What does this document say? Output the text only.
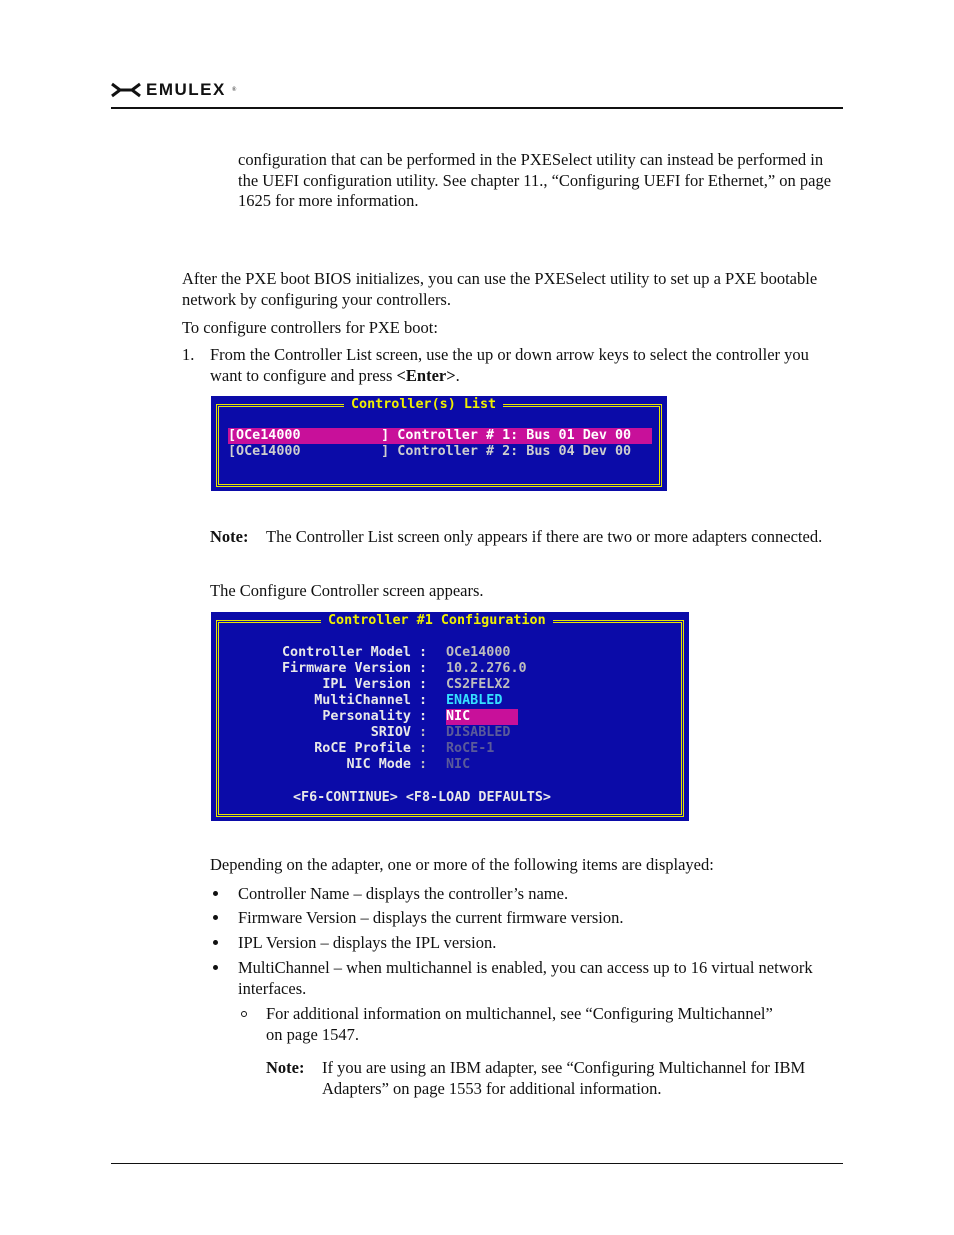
EMULEX ®

configuration that can be performed in the PXESelect utility can instead be performed in the UEFI configuration utility. See chapter 11., “Configuring UEFI for Ethernet,” on page 1625 for more information.

After the PXE boot BIOS initializes, you can use the PXESelect utility to set up a PXE bootable network by configuring your controllers.

To configure controllers for PXE boot:

1. From the Controller List screen, use the up or down arrow keys to select the controller you want to configure and press <Enter>.

Controller(s) List
[OCe14000          ] Controller # 1: Bus 01 Dev 00
[OCe14000          ] Controller # 2: Bus 04 Dev 00
Note: The Controller List screen only appears if there are two or more adapters connected.

The Configure Controller screen appears.

Controller #1 Configuration
Controller Model
Firmware Version
IPL Version
MultiChannel
Personality
SRIOV
RoCE Profile
NIC Mode
:
:
:
:
:
:
:
:
OCe14000
10.2.276.0
CS2FELX2
ENABLED
NIC
DISABLED
RoCE-1
NIC
<F6-CONTINUE> <F8-LOAD DEFAULTS>

Depending on the adapter, one or more of the following items are displayed:

Controller Name – displays the controller’s name.

Firmware Version – displays the current firmware version.

IPL Version – displays the IPL version.

MultiChannel – when multichannel is enabled, you can access up to 16 virtual network interfaces.

For additional information on multichannel, see “Configuring Multichannel” on page 1547.

Note: If you are using an IBM adapter, see “Configuring Multichannel for IBM Adapters” on page 1553 for additional information.
